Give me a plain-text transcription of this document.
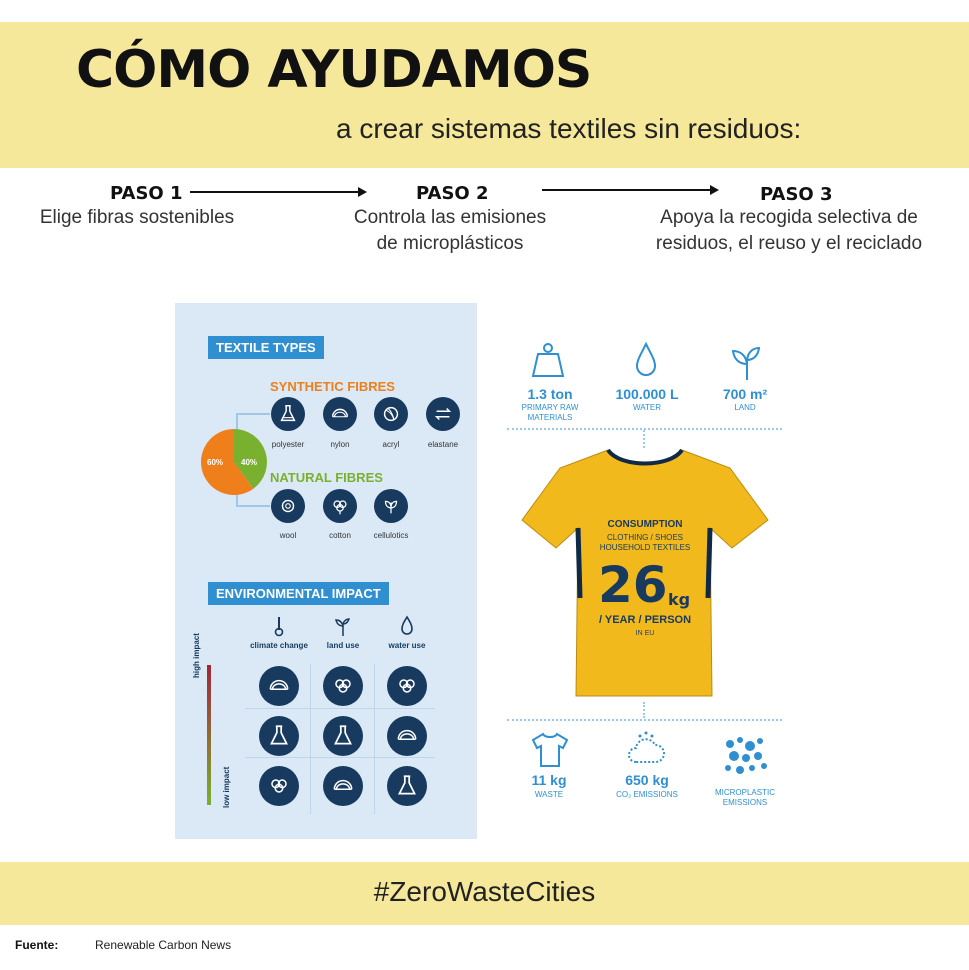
CÓMO AYUDAMOS
a crear sistemas textiles sin residuos:
PASO 1
Elige fibras sostenibles
PASO 2
Controla las emisiones
de microplásticos
PASO 3
Apoya la recogida selectiva de
residuos, el reuso y el reciclado
TEXTILE TYPES
SYNTHETIC FIBRES
NATURAL FIBRES
60% 40%
polyester	nylon	acryl	elastane
wool	cotton	cellulotics
ENVIRONMENTAL IMPACT
climate change	land use	water use
high impact
low impact
1.3 ton
PRIMARY RAW
MATERIALS
100.000 L
WATER
700 m²
LAND
CONSUMPTION
CLOTHING / SHOES
HOUSEHOLD TEXTILES
26 kg
/ YEAR / PERSON
IN EU
11 kg
WASTE
650 kg
CO₂ EMISSIONS	MICROPLASTIC
EMISSIONS
#ZeroWasteCities
Fuente:	Renewable Carbon News
